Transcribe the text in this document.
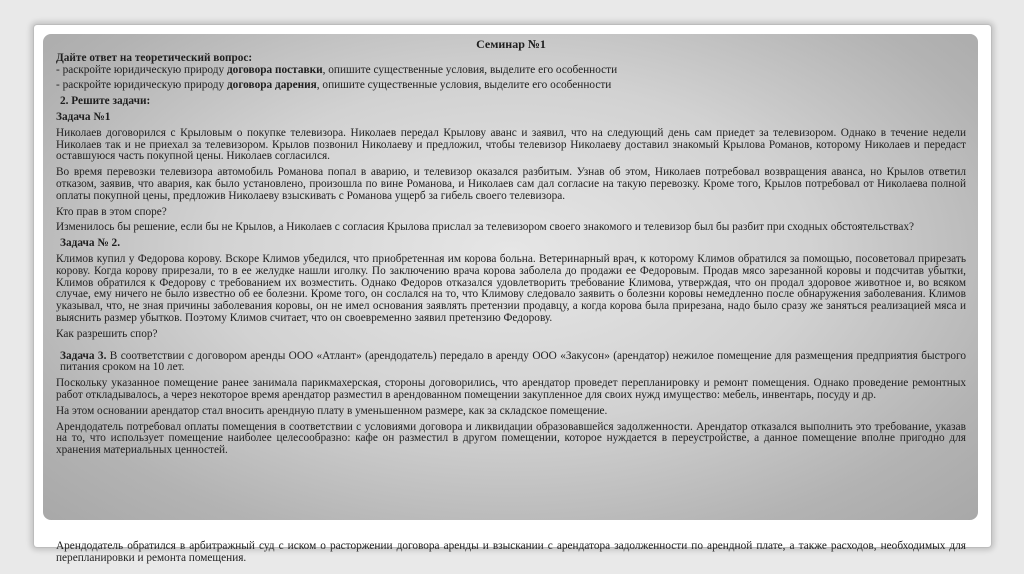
Семинар №1

Дайте ответ на теоретический вопрос:

- раскройте юридическую природу договора поставки, опишите существенные условия, выделите его особенности

- раскройте юридическую природу договора дарения, опишите существенные условия, выделите его особенности

2. Решите задачи:

Задача №1

Николаев договорился с Крыловым о покупке телевизора. Николаев передал Крылову аванс и заявил, что на следующий день сам приедет за телевизором. Однако в течение недели Николаев так и не приехал за телевизором. Крылов позвонил Николаеву и предложил, чтобы телевизор Николаеву доставил знакомый Крылова Романов, которому Николаев и передаст оставшуюся часть покупной цены. Николаев согласился.

Во время перевозки телевизора автомобиль Романова попал в аварию, и телевизор оказался разбитым. Узнав об этом, Николаев потребовал возвращения аванса, но Крылов ответил отказом, заявив, что авария, как было установлено, произошла по вине Романова, и Николаев сам дал согласие на такую перевозку. Кроме того, Крылов потребовал от Николаева полной оплаты покупной цены, предложив Николаеву взыскивать с Романова ущерб за гибель своего телевизора.

Кто прав в этом споре?

Изменилось бы решение, если бы не Крылов, а Николаев с согласия Крылова прислал за телевизором своего знакомого и телевизор был бы разбит при сходных обстоятельствах?

Задача № 2.

Климов купил у Федорова корову. Вскоре Климов убедился, что приобретенная им корова больна. Ветеринарный врач, к которому Климов обратился за помощью, посоветовал прирезать корову. Когда корову прирезали, то в ее желудке нашли иголку. По заключению врача корова заболела до продажи ее Федоровым. Продав мясо зарезанной коровы и подсчитав убытки, Климов обратился к Федорову с требованием их возместить. Однако Федоров отказался удовлетворить требование Климова, утверждая, что он продал здоровое животное и, во всяком случае, ему ничего не было известно об ее болезни. Кроме того, он сослался на то, что Климову следовало заявить о болезни коровы немедленно после обнаружения заболевания. Климов указывал, что, не зная причины заболевания коровы, он не имел основания заявлять претензии продавцу, а когда корова была прирезана, надо было сразу же заняться реализацией мяса и выяснить размер убытков. Поэтому Климов считает, что он своевременно заявил претензию Федорову.

Как разрешить спор?

Задача 3. В соответствии с договором аренды ООО «Атлант» (арендодатель) передало в аренду ООО «Закусон» (арендатор) нежилое помещение для размещения предприятия быстрого питания сроком на 10 лет.

Поскольку указанное помещение ранее занимала парикмахерская, стороны договорились, что арендатор проведет перепланировку и ремонт помещения. Однако проведение ремонтных работ откладывалось, а через некоторое время арендатор разместил в арендованном помещении закупленное для своих нужд имущество: мебель, инвентарь, посуду и др.

На этом основании арендатор стал вносить арендную плату в уменьшенном размере, как за складское помещение.

Арендодатель потребовал оплаты помещения в соответствии с условиями договора и ликвидации образовавшейся задолженности. Арендатор отказался выполнить это требование, указав на то, что использует помещение наиболее целесообразно: кафе он разместил в другом помещении, которое нуждается в переустройстве, а данное помещение вполне пригодно для хранения материальных ценностей.

Арендодатель обратился в арбитражный суд с иском о расторжении договора аренды и взыскании с арендатора задолженности по арендной плате, а также расходов, необходимых для перепланировки и ремонта помещения.
